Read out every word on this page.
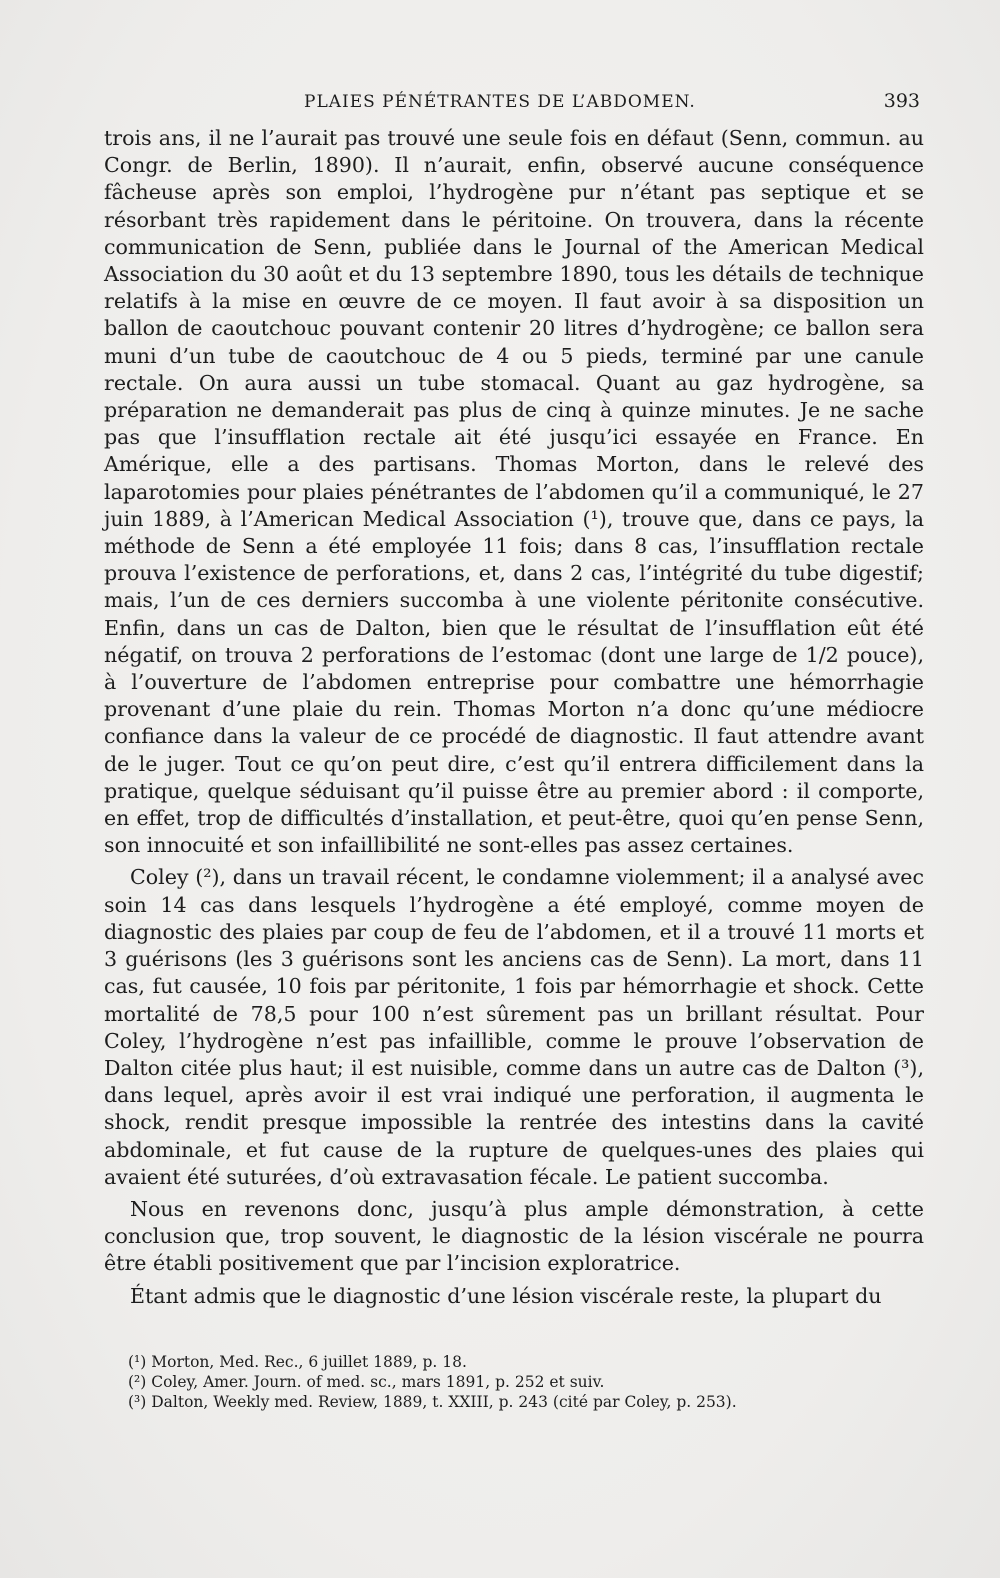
PLAIES PÉNÉTRANTES DE L’ABDOMEN.	393

trois ans, il ne l’aurait pas trouvé une seule fois en défaut (Senn, commun. au Congr. de Berlin, 1890). Il n’aurait, enfin, observé aucune conséquence fâcheuse après son emploi, l’hydrogène pur n’étant pas septique et se résorbant très rapidement dans le péritoine. On trouvera, dans la récente communication de Senn, publiée dans le Journal of the American Medical Association du 30 août et du 13 septembre 1890, tous les détails de technique relatifs à la mise en œuvre de ce moyen. Il faut avoir à sa disposition un ballon de caoutchouc pouvant contenir 20 litres d’hydrogène; ce ballon sera muni d’un tube de caoutchouc de 4 ou 5 pieds, terminé par une canule rectale. On aura aussi un tube stomacal. Quant au gaz hydrogène, sa préparation ne demanderait pas plus de cinq à quinze minutes. Je ne sache pas que l’insufflation rectale ait été jusqu’ici essayée en France. En Amérique, elle a des partisans. Thomas Morton, dans le relevé des laparotomies pour plaies pénétrantes de l’abdomen qu’il a communiqué, le 27 juin 1889, à l’American Medical Association (¹), trouve que, dans ce pays, la méthode de Senn a été employée 11 fois; dans 8 cas, l’insufflation rectale prouva l’existence de perforations, et, dans 2 cas, l’intégrité du tube digestif; mais, l’un de ces derniers succomba à une violente péritonite consécutive. Enfin, dans un cas de Dalton, bien que le résultat de l’insufflation eût été négatif, on trouva 2 perforations de l’estomac (dont une large de 1/2 pouce), à l’ouverture de l’abdomen entreprise pour combattre une hémorrhagie provenant d’une plaie du rein. Thomas Morton n’a donc qu’une médiocre confiance dans la valeur de ce procédé de diagnostic. Il faut attendre avant de le juger. Tout ce qu’on peut dire, c’est qu’il entrera difficilement dans la pratique, quelque séduisant qu’il puisse être au premier abord : il comporte, en effet, trop de difficultés d’installation, et peut-être, quoi qu’en pense Senn, son innocuité et son infaillibilité ne sont-elles pas assez certaines.

Coley (²), dans un travail récent, le condamne violemment; il a analysé avec soin 14 cas dans lesquels l’hydrogène a été employé, comme moyen de diagnostic des plaies par coup de feu de l’abdomen, et il a trouvé 11 morts et 3 guérisons (les 3 guérisons sont les anciens cas de Senn). La mort, dans 11 cas, fut causée, 10 fois par péritonite, 1 fois par hémorrhagie et shock. Cette mortalité de 78,5 pour 100 n’est sûrement pas un brillant résultat. Pour Coley, l’hydrogène n’est pas infaillible, comme le prouve l’observation de Dalton citée plus haut; il est nuisible, comme dans un autre cas de Dalton (³), dans lequel, après avoir il est vrai indiqué une perforation, il augmenta le shock, rendit presque impossible la rentrée des intestins dans la cavité abdominale, et fut cause de la rupture de quelques-unes des plaies qui avaient été suturées, d’où extravasation fécale. Le patient succomba.

Nous en revenons donc, jusqu’à plus ample démonstration, à cette conclusion que, trop souvent, le diagnostic de la lésion viscérale ne pourra être établi positivement que par l’incision exploratrice.

Étant admis que le diagnostic d’une lésion viscérale reste, la plupart du

(¹) Morton, Med. Rec., 6 juillet 1889, p. 18.
(²) Coley, Amer. Journ. of med. sc., mars 1891, p. 252 et suiv.
(³) Dalton, Weekly med. Review, 1889, t. XXIII, p. 243 (cité par Coley, p. 253).
